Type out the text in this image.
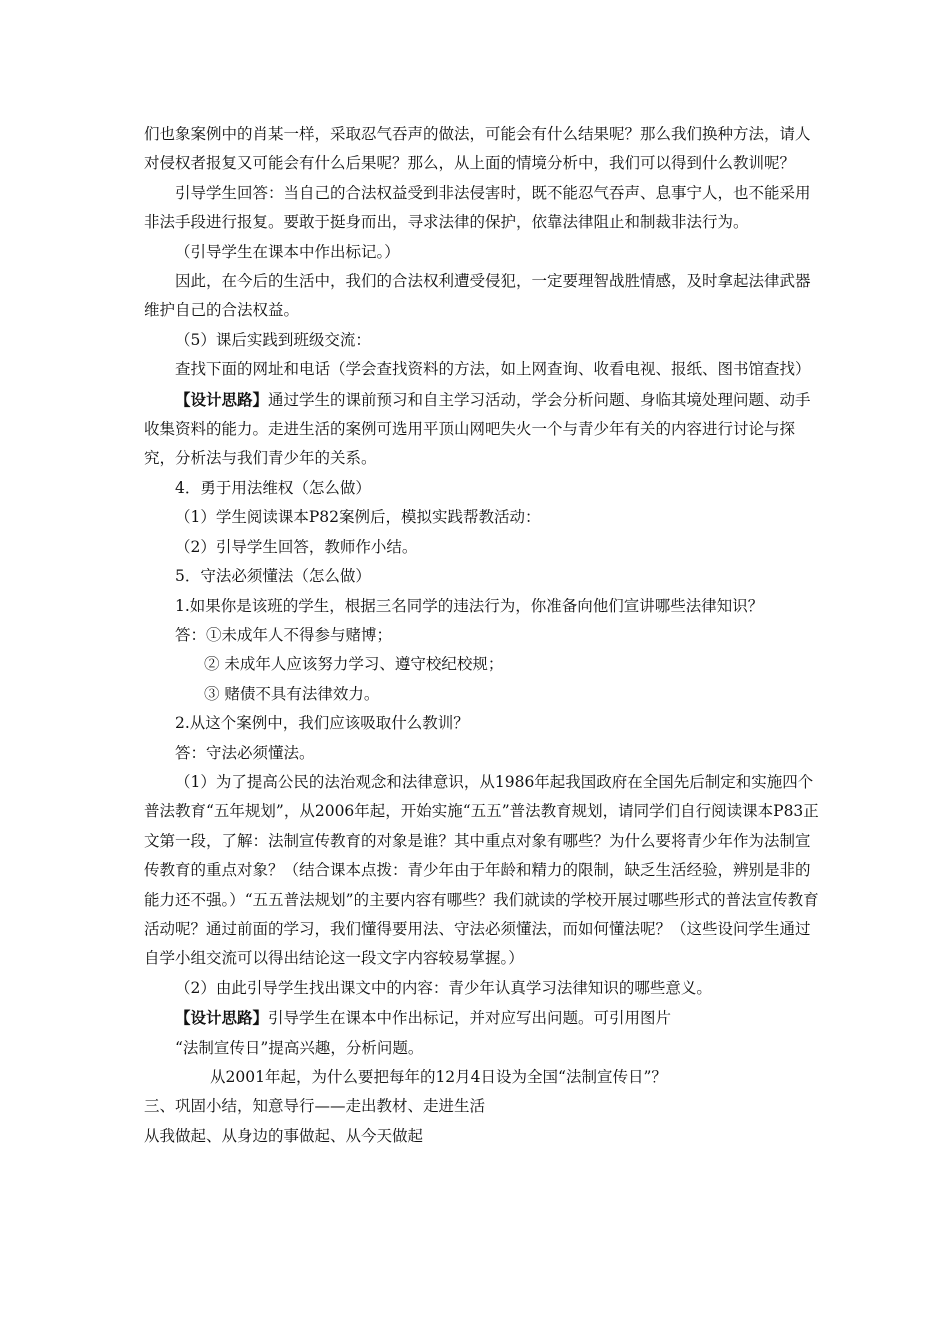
们也象案例中的肖某一样，采取忍气吞声的做法，可能会有什么结果呢？那么我们换种方法，请人对侵权者报复又可能会有什么后果呢？那么，从上面的情境分析中，我们可以得到什么教训呢？

引导学生回答：当自己的合法权益受到非法侵害时，既不能忍气吞声、息事宁人，也不能采用非法手段进行报复。要敢于挺身而出，寻求法律的保护，依靠法律阻止和制裁非法行为。

（引导学生在课本中作出标记。）

因此，在今后的生活中，我们的合法权利遭受侵犯，一定要理智战胜情感，及时拿起法律武器维护自己的合法权益。

（5）课后实践到班级交流：

查找下面的网址和电话（学会查找资料的方法，如上网查询、收看电视、报纸、图书馆查找）

【设计思路】通过学生的课前预习和自主学习活动，学会分析问题、身临其境处理问题、动手收集资料的能力。走进生活的案例可选用平顶山网吧失火一个与青少年有关的内容进行讨论与探究，分析法与我们青少年的关系。

4．勇于用法维权（怎么做）

（1）学生阅读课本P82案例后，模拟实践帮教活动：

（2）引导学生回答，教师作小结。

5．守法必须懂法（怎么做）

1.如果你是该班的学生，根据三名同学的违法行为，你准备向他们宣讲哪些法律知识？

答：①未成年人不得参与赌博；

② 未成年人应该努力学习、遵守校纪校规；

③ 赌债不具有法律效力。

2.从这个案例中，我们应该吸取什么教训？

答：守法必须懂法。

（1）为了提高公民的法治观念和法律意识，从1986年起我国政府在全国先后制定和实施四个普法教育“五年规划”，从2006年起，开始实施“五五”普法教育规划，请同学们自行阅读课本P83正文第一段，了解：法制宣传教育的对象是谁？其中重点对象有哪些？为什么要将青少年作为法制宣传教育的重点对象？（结合课本点拨：青少年由于年龄和精力的限制，缺乏生活经验，辨别是非的能力还不强。）“五五普法规划”的主要内容有哪些？我们就读的学校开展过哪些形式的普法宣传教育活动呢？通过前面的学习，我们懂得要用法、守法必须懂法，而如何懂法呢？（这些设问学生通过自学小组交流可以得出结论这一段文字内容较易掌握。）

（2）由此引导学生找出课文中的内容：青少年认真学习法律知识的哪些意义。

【设计思路】引导学生在课本中作出标记，并对应写出问题。可引用图片

“法制宣传日”提高兴趣，分析问题。

从2001年起，为什么要把每年的12月4日设为全国“法制宣传日”？

三、巩固小结，知意导行——走出教材、走进生活

从我做起、从身边的事做起、从今天做起
